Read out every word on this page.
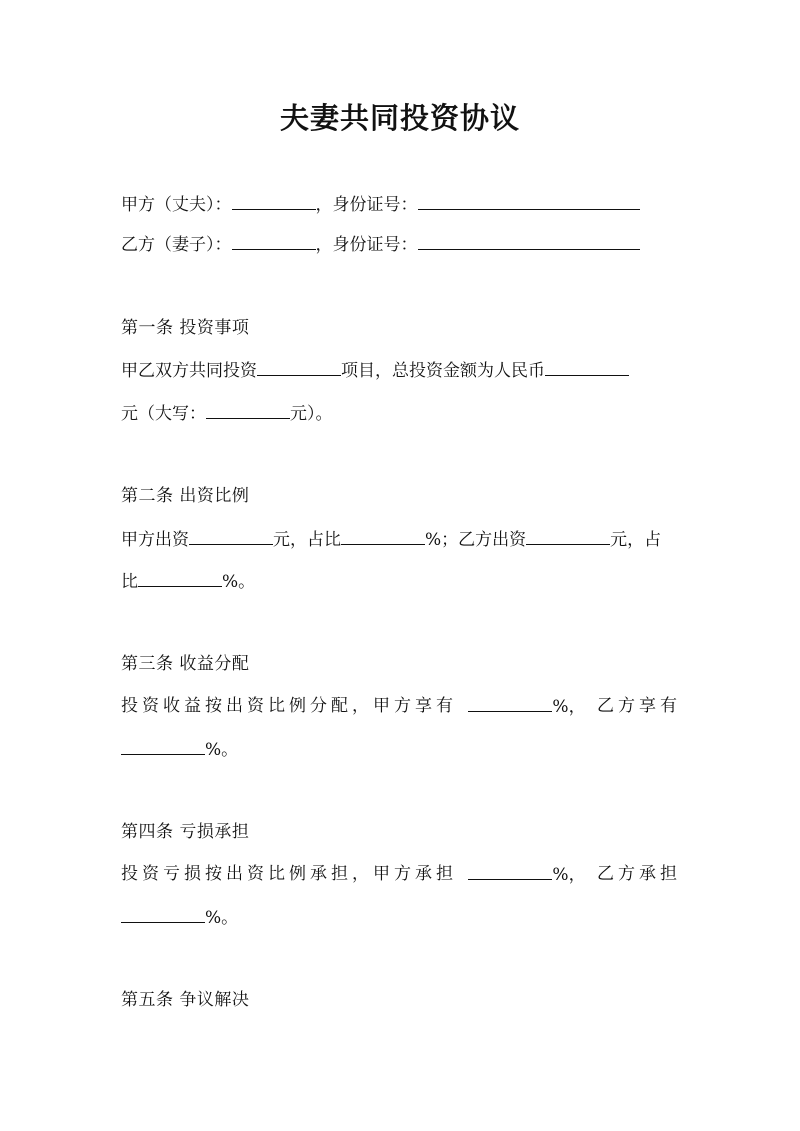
夫妻共同投资协议
甲方（丈夫）：	，身份证号：
乙方（妻子）：	，身份证号：
第一条 投资事项
甲乙双方共同投资	项目，总投资金额为人民币
元（大写：	元）。
第二条 出资比例
甲方出资	元，占比	%；乙方出资	元，占
比	%。
第三条 收益分配
投资收益按出资比例分配，甲方享有	%， 乙方享有
%。
第四条 亏损承担
投资亏损按出资比例承担，甲方承担	%， 乙方承担
%。
第五条 争议解决
